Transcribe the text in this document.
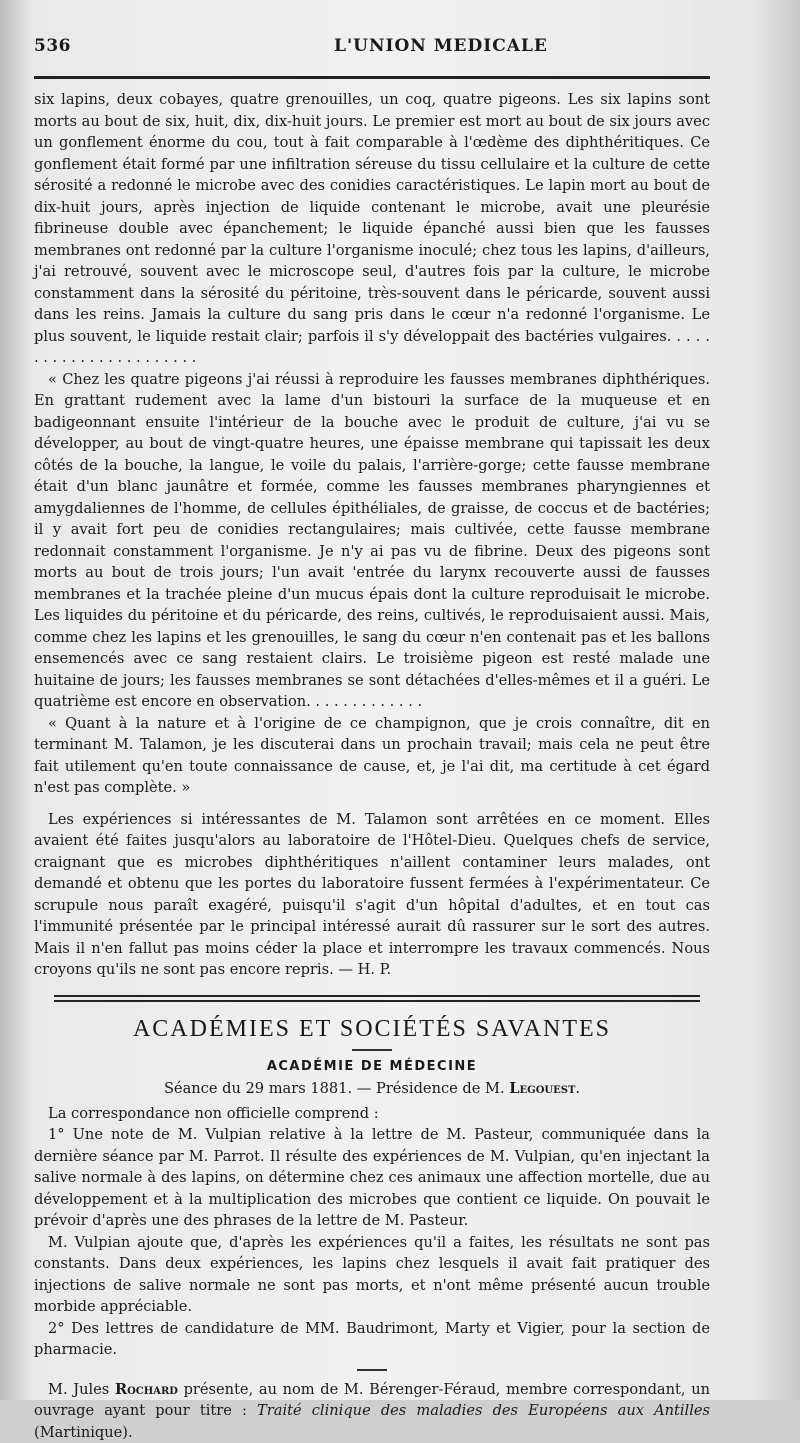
536	L'UNION MEDICALE

six lapins, deux cobayes, quatre grenouilles, un coq, quatre pigeons. Les six lapins sont morts au bout de six, huit, dix, dix-huit jours. Le premier est mort au bout de six jours avec un gonflement énorme du cou, tout à fait comparable à l'œdème des diphthéritiques. Ce gonflement était formé par une infiltration séreuse du tissu cellulaire et la culture de cette sérosité a redonné le microbe avec des conidies caractéristiques. Le lapin mort au bout de dix-huit jours, après injection de liquide contenant le microbe, avait une pleurésie fibrineuse double avec épanchement; le liquide épanché aussi bien que les fausses membranes ont redonné par la culture l'organisme inoculé; chez tous les lapins, d'ailleurs, j'ai retrouvé, souvent avec le microscope seul, d'autres fois par la culture, le microbe constamment dans la sérosité du péritoine, très-souvent dans le péricarde, souvent aussi dans les reins. Jamais la culture du sang pris dans le cœur n'a redonné l'organisme. Le plus souvent, le liquide restait clair; parfois il s'y développait des bactéries vulgaires. . . . . . . . . . . . . . . . . . . . . . .

« Chez les quatre pigeons j'ai réussi à reproduire les fausses membranes diphthériques. En grattant rudement avec la lame d'un bistouri la surface de la muqueuse et en badigeonnant ensuite l'intérieur de la bouche avec le produit de culture, j'ai vu se développer, au bout de vingt-quatre heures, une épaisse membrane qui tapissait les deux côtés de la bouche, la langue, le voile du palais, l'arrière-gorge; cette fausse membrane était d'un blanc jaunâtre et formée, comme les fausses membranes pharyngiennes et amygdaliennes de l'homme, de cellules épithéliales, de graisse, de coccus et de bactéries; il y avait fort peu de conidies rectangulaires; mais cultivée, cette fausse membrane redonnait constamment l'organisme. Je n'y ai pas vu de fibrine. Deux des pigeons sont morts au bout de trois jours; l'un avait 'entrée du larynx recouverte aussi de fausses membranes et la trachée pleine d'un mucus épais dont la culture reproduisait le microbe. Les liquides du péritoine et du péricarde, des reins, cultivés, le reproduisaient aussi. Mais, comme chez les lapins et les grenouilles, le sang du cœur n'en contenait pas et les ballons ensemencés avec ce sang restaient clairs. Le troisième pigeon est resté malade une huitaine de jours; les fausses membranes se sont détachées d'elles-mêmes et il a guéri. Le quatrième est encore en observation. . . . . . . . . . . . .

« Quant à la nature et à l'origine de ce champignon, que je crois connaître, dit en terminant M. Talamon, je les discuterai dans un prochain travail; mais cela ne peut être fait utilement qu'en toute connaissance de cause, et, je l'ai dit, ma certitude à cet égard n'est pas complète. »

Les expériences si intéressantes de M. Talamon sont arrêtées en ce moment. Elles avaient été faites jusqu'alors au laboratoire de l'Hôtel-Dieu. Quelques chefs de service, craignant que es microbes diphthéritiques n'aillent contaminer leurs malades, ont demandé et obtenu que les portes du laboratoire fussent fermées à l'expérimentateur. Ce scrupule nous paraît exagéré, puisqu'il s'agit d'un hôpital d'adultes, et en tout cas l'immunité présentée par le principal intéressé aurait dû rassurer sur le sort des autres. Mais il n'en fallut pas moins céder la place et interrompre les travaux commencés. Nous croyons qu'ils ne sont pas encore repris. — H. P.

ACADÉMIES ET SOCIÉTÉS SAVANTES
ACADÉMIE DE MÉDECINE
Séance du 29 mars 1881. — Présidence de M. Legouest.

La correspondance non officielle comprend :

1° Une note de M. Vulpian relative à la lettre de M. Pasteur, communiquée dans la dernière séance par M. Parrot. Il résulte des expériences de M. Vulpian, qu'en injectant la salive normale à des lapins, on détermine chez ces animaux une affection mortelle, due au développement et à la multiplication des microbes que contient ce liquide. On pouvait le prévoir d'après une des phrases de la lettre de M. Pasteur.

M. Vulpian ajoute que, d'après les expériences qu'il a faites, les résultats ne sont pas constants. Dans deux expériences, les lapins chez lesquels il avait fait pratiquer des injections de salive normale ne sont pas morts, et n'ont même présenté aucun trouble morbide appréciable.

2° Des lettres de candidature de MM. Baudrimont, Marty et Vigier, pour la section de pharmacie.

M. Jules Rochard présente, au nom de M. Bérenger-Féraud, membre correspondant, un ouvrage ayant pour titre : Traité clinique des maladies des Européens aux Antilles (Martinique).
